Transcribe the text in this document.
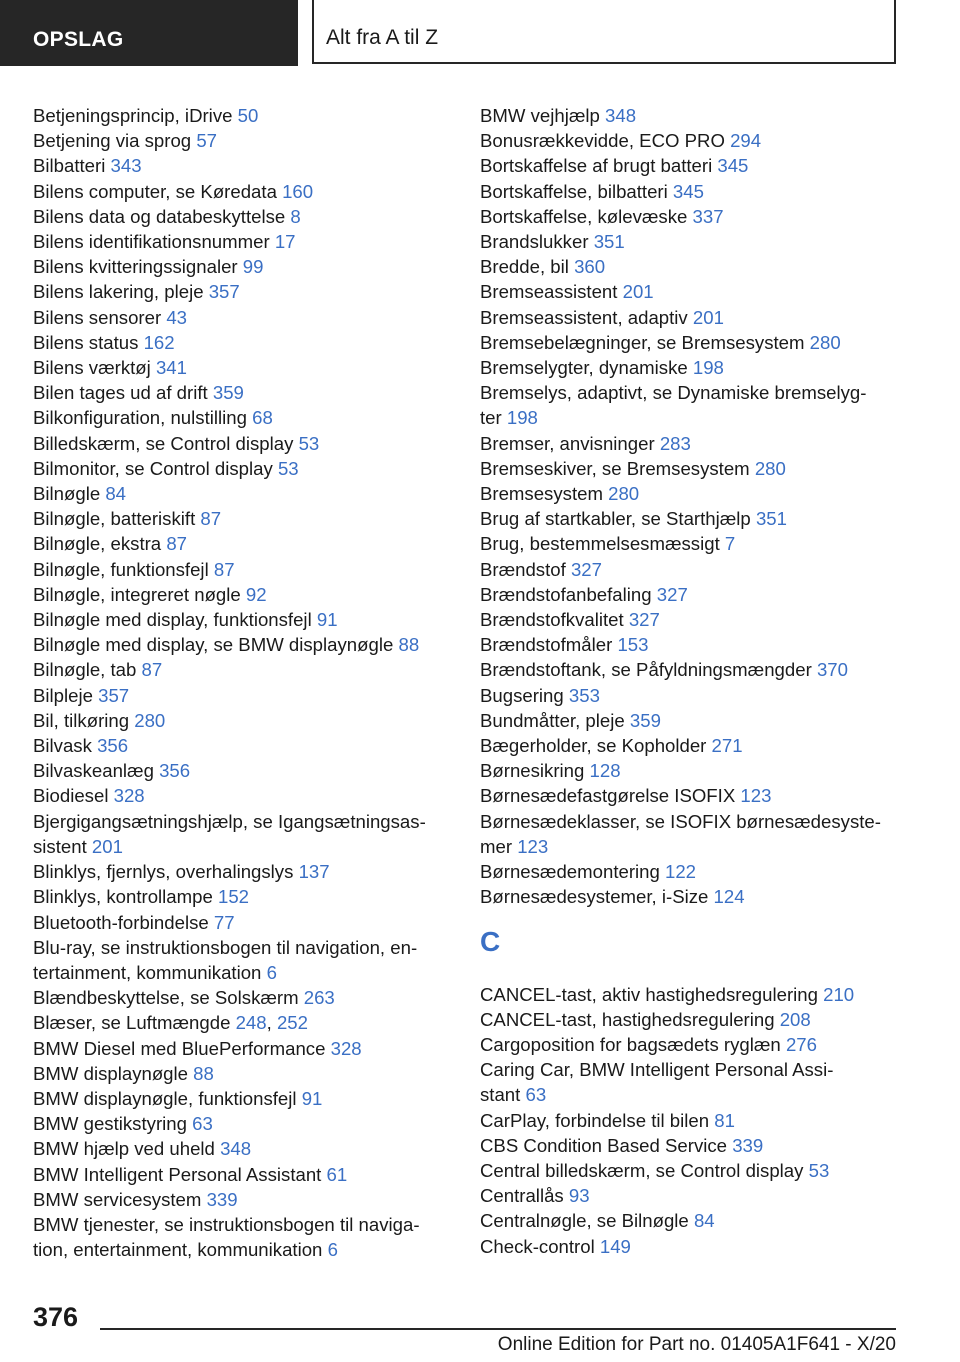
OPSLAG	Alt fra A til Z
Betjeningsprincip, iDrive 50
Betjening via sprog 57
Bilbatteri 343
Bilens computer, se Køredata 160
Bilens data og databeskyttelse 8
Bilens identifikationsnummer 17
Bilens kvitteringssignaler 99
Bilens lakering, pleje 357
Bilens sensorer 43
Bilens status 162
Bilens værktøj 341
Bilen tages ud af drift 359
Bilkonfiguration, nulstilling 68
Billedskærm, se Control display 53
Bilmonitor, se Control display 53
Bilnøgle 84
Bilnøgle, batteriskift 87
Bilnøgle, ekstra 87
Bilnøgle, funktionsfejl 87
Bilnøgle, integreret nøgle 92
Bilnøgle med display, funktionsfejl 91
Bilnøgle med display, se BMW displaynøgle 88
Bilnøgle, tab 87
Bilpleje 357
Bil, tilkøring 280
Bilvask 356
Bilvaskeanlæg 356
Biodiesel 328
Bjergigangsætningshjælp, se Igangsætningsas-
sistent 201
Blinklys, fjernlys, overhalingslys 137
Blinklys, kontrollampe 152
Bluetooth-forbindelse 77
Blu-ray, se instruktionsbogen til navigation, en-
tertainment, kommunikation 6
Blændbeskyttelse, se Solskærm 263
Blæser, se Luftmængde 248, 252
BMW Diesel med BluePerformance 328
BMW displaynøgle 88
BMW displaynøgle, funktionsfejl 91
BMW gestikstyring 63
BMW hjælp ved uheld 348
BMW Intelligent Personal Assistant 61
BMW servicesystem 339
BMW tjenester, se instruktionsbogen til naviga-
tion, entertainment, kommunikation 6
BMW vejhjælp 348
Bonusrækkevidde, ECO PRO 294
Bortskaffelse af brugt batteri 345
Bortskaffelse, bilbatteri 345
Bortskaffelse, kølevæske 337
Brandslukker 351
Bredde, bil 360
Bremseassistent 201
Bremseassistent, adaptiv 201
Bremsebelægninger, se Bremsesystem 280
Bremselygter, dynamiske 198
Bremselys, adaptivt, se Dynamiske bremselyg-
ter 198
Bremser, anvisninger 283
Bremseskiver, se Bremsesystem 280
Bremsesystem 280
Brug af startkabler, se Starthjælp 351
Brug, bestemmelsesmæssigt 7
Brændstof 327
Brændstofanbefaling 327
Brændstofkvalitet 327
Brændstofmåler 153
Brændstoftank, se Påfyldningsmængder 370
Bugsering 353
Bundmåtter, pleje 359
Bægerholder, se Kopholder 271
Børnesikring 128
Børnesædefastgørelse ISOFIX 123
Børnesædeklasser, se ISOFIX børnesædesyste-
mer 123
Børnesædemontering 122
Børnesædesystemer, i-Size 124
C
CANCEL-tast, aktiv hastighedsregulering 210
CANCEL-tast, hastighedsregulering 208
Cargoposition for bagsædets ryglæn 276
Caring Car, BMW Intelligent Personal Assi-
stant 63
CarPlay, forbindelse til bilen 81
CBS Condition Based Service 339
Central billedskærm, se Control display 53
Centrallås 93
Centralnøgle, se Bilnøgle 84
Check-control 149
376
Online Edition for Part no. 01405A1F641 - X/20
